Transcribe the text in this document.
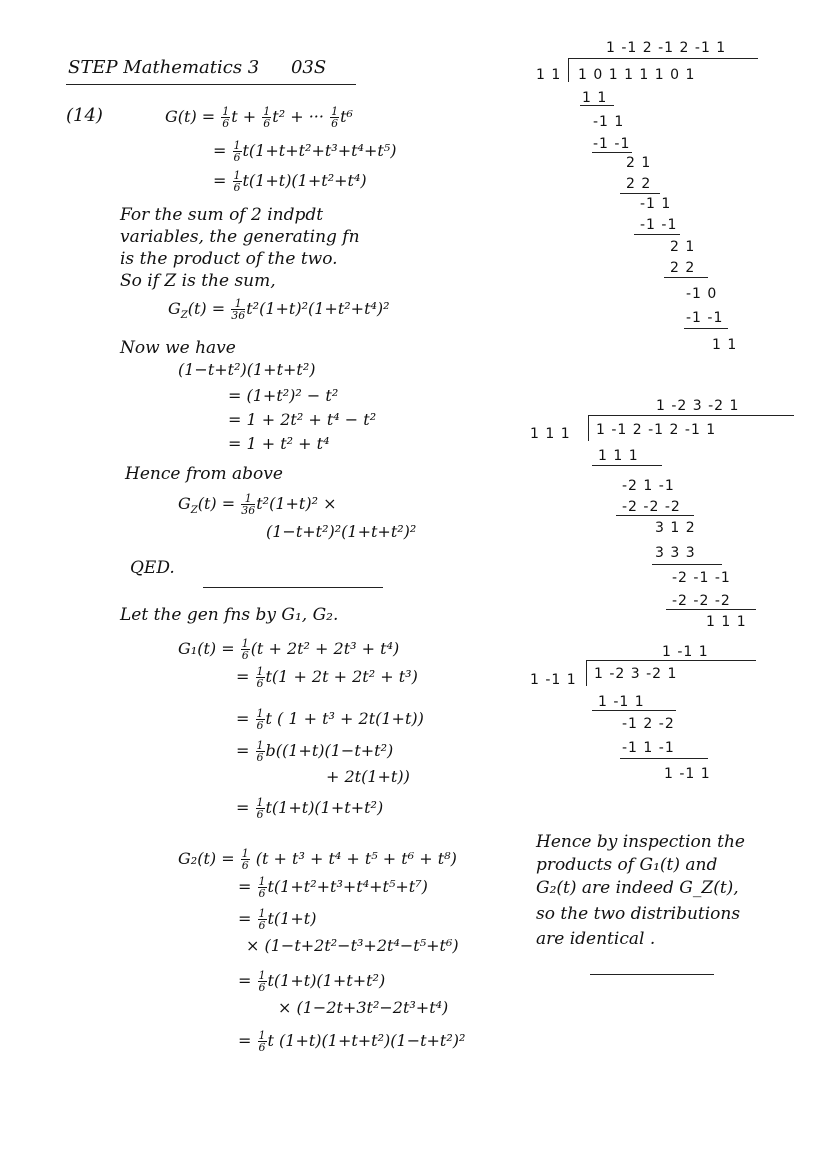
STEP Mathematics 3 03S
(14)	$G(t) = \frac{1}{6}$ $t + \frac{1}{6} t^2$ + ··· $\frac{1}{6} t^6$
= $\frac{1}{6} t(1+t+t^2+t^3+t^4+t^5)$
= $\frac{1}{6} t(1+t)(1+t^2+t^4)$
For the sum of 2 indpdt
variables, the generating fn
is the product of the two.
So if Z is the sum,
$G_Z(t) = \frac{1}{36} t^2(1+t)^2(1+t^2+t^4)^2$
Now we have
(1−t+t²)(1+t+t²)
= (1+t²)² − t²
= 1 + 2t² + t⁴ − t²
= 1 + t² + t⁴
Hence from above
$G_Z(t) = \frac{1}{36} t^2(1+t)^2$ ×
(1−t+t²)²(1+t+t²)²
QED.
Let the gen fns by G₁, G₂.
$G_1(t) = \frac{1}{6} (t + 2t^2 + 2t^3 + t^4)$
= $\frac{1}{6} t(1 + 2t + 2t^2 + t^3)$
= $\frac{1}{6}$ t ( 1 + t³ + 2t(1+t))
= $\frac{1}{6} b((1+t)(1-t+t^2)$
+ 2t(1+t))
= $\frac{1}{6} t(1+t)(1+t+t^2)$
$G_2(t) = \frac{1}{6} (t + t^3 + t^4 + t^5 + t^6 + t^8)$
= $\frac{1}{6} t(1+t^2+t^3+t^4+t^5+t^7)$
= $\frac{1}{6} t(1+t)$
× (1−t+2t²−t³+2t⁴−t⁵+t⁶)
= $\frac{1}{6} t(1+t)(1+t+t^2)$
× (1−2t+3t²−2t³+t⁴)
= $\frac{1}{6}$ t (1+t)(1+t+t²)(1−t+t²)²
1 -1 2 -1 2 -1 1
1 1 1 0 1 1 1 1 0 1
1 1
-1 1
-1 -1
2 1
2 2
-1 1
-1 -1
2 1
2 2
-1 0
-1 -1
1 1
1 -2 3 -2 1
1 1 1 1 -1 2 -1 2 -1 1
1 1 1
-2 1 -1
-2 -2 -2
3 1 2
3 3 3
-2 -1 -1
-2 -2 -2
1 1 1
1 -1 1
1 -1 1 1 -2 3 -2 1
1 -1 1
-1 2 -2
-1 1 -1
1 -1 1
Hence by inspection the
products of G₁(t) and
G₂(t) are indeed G_Z(t),
so the two distributions
are identical .
